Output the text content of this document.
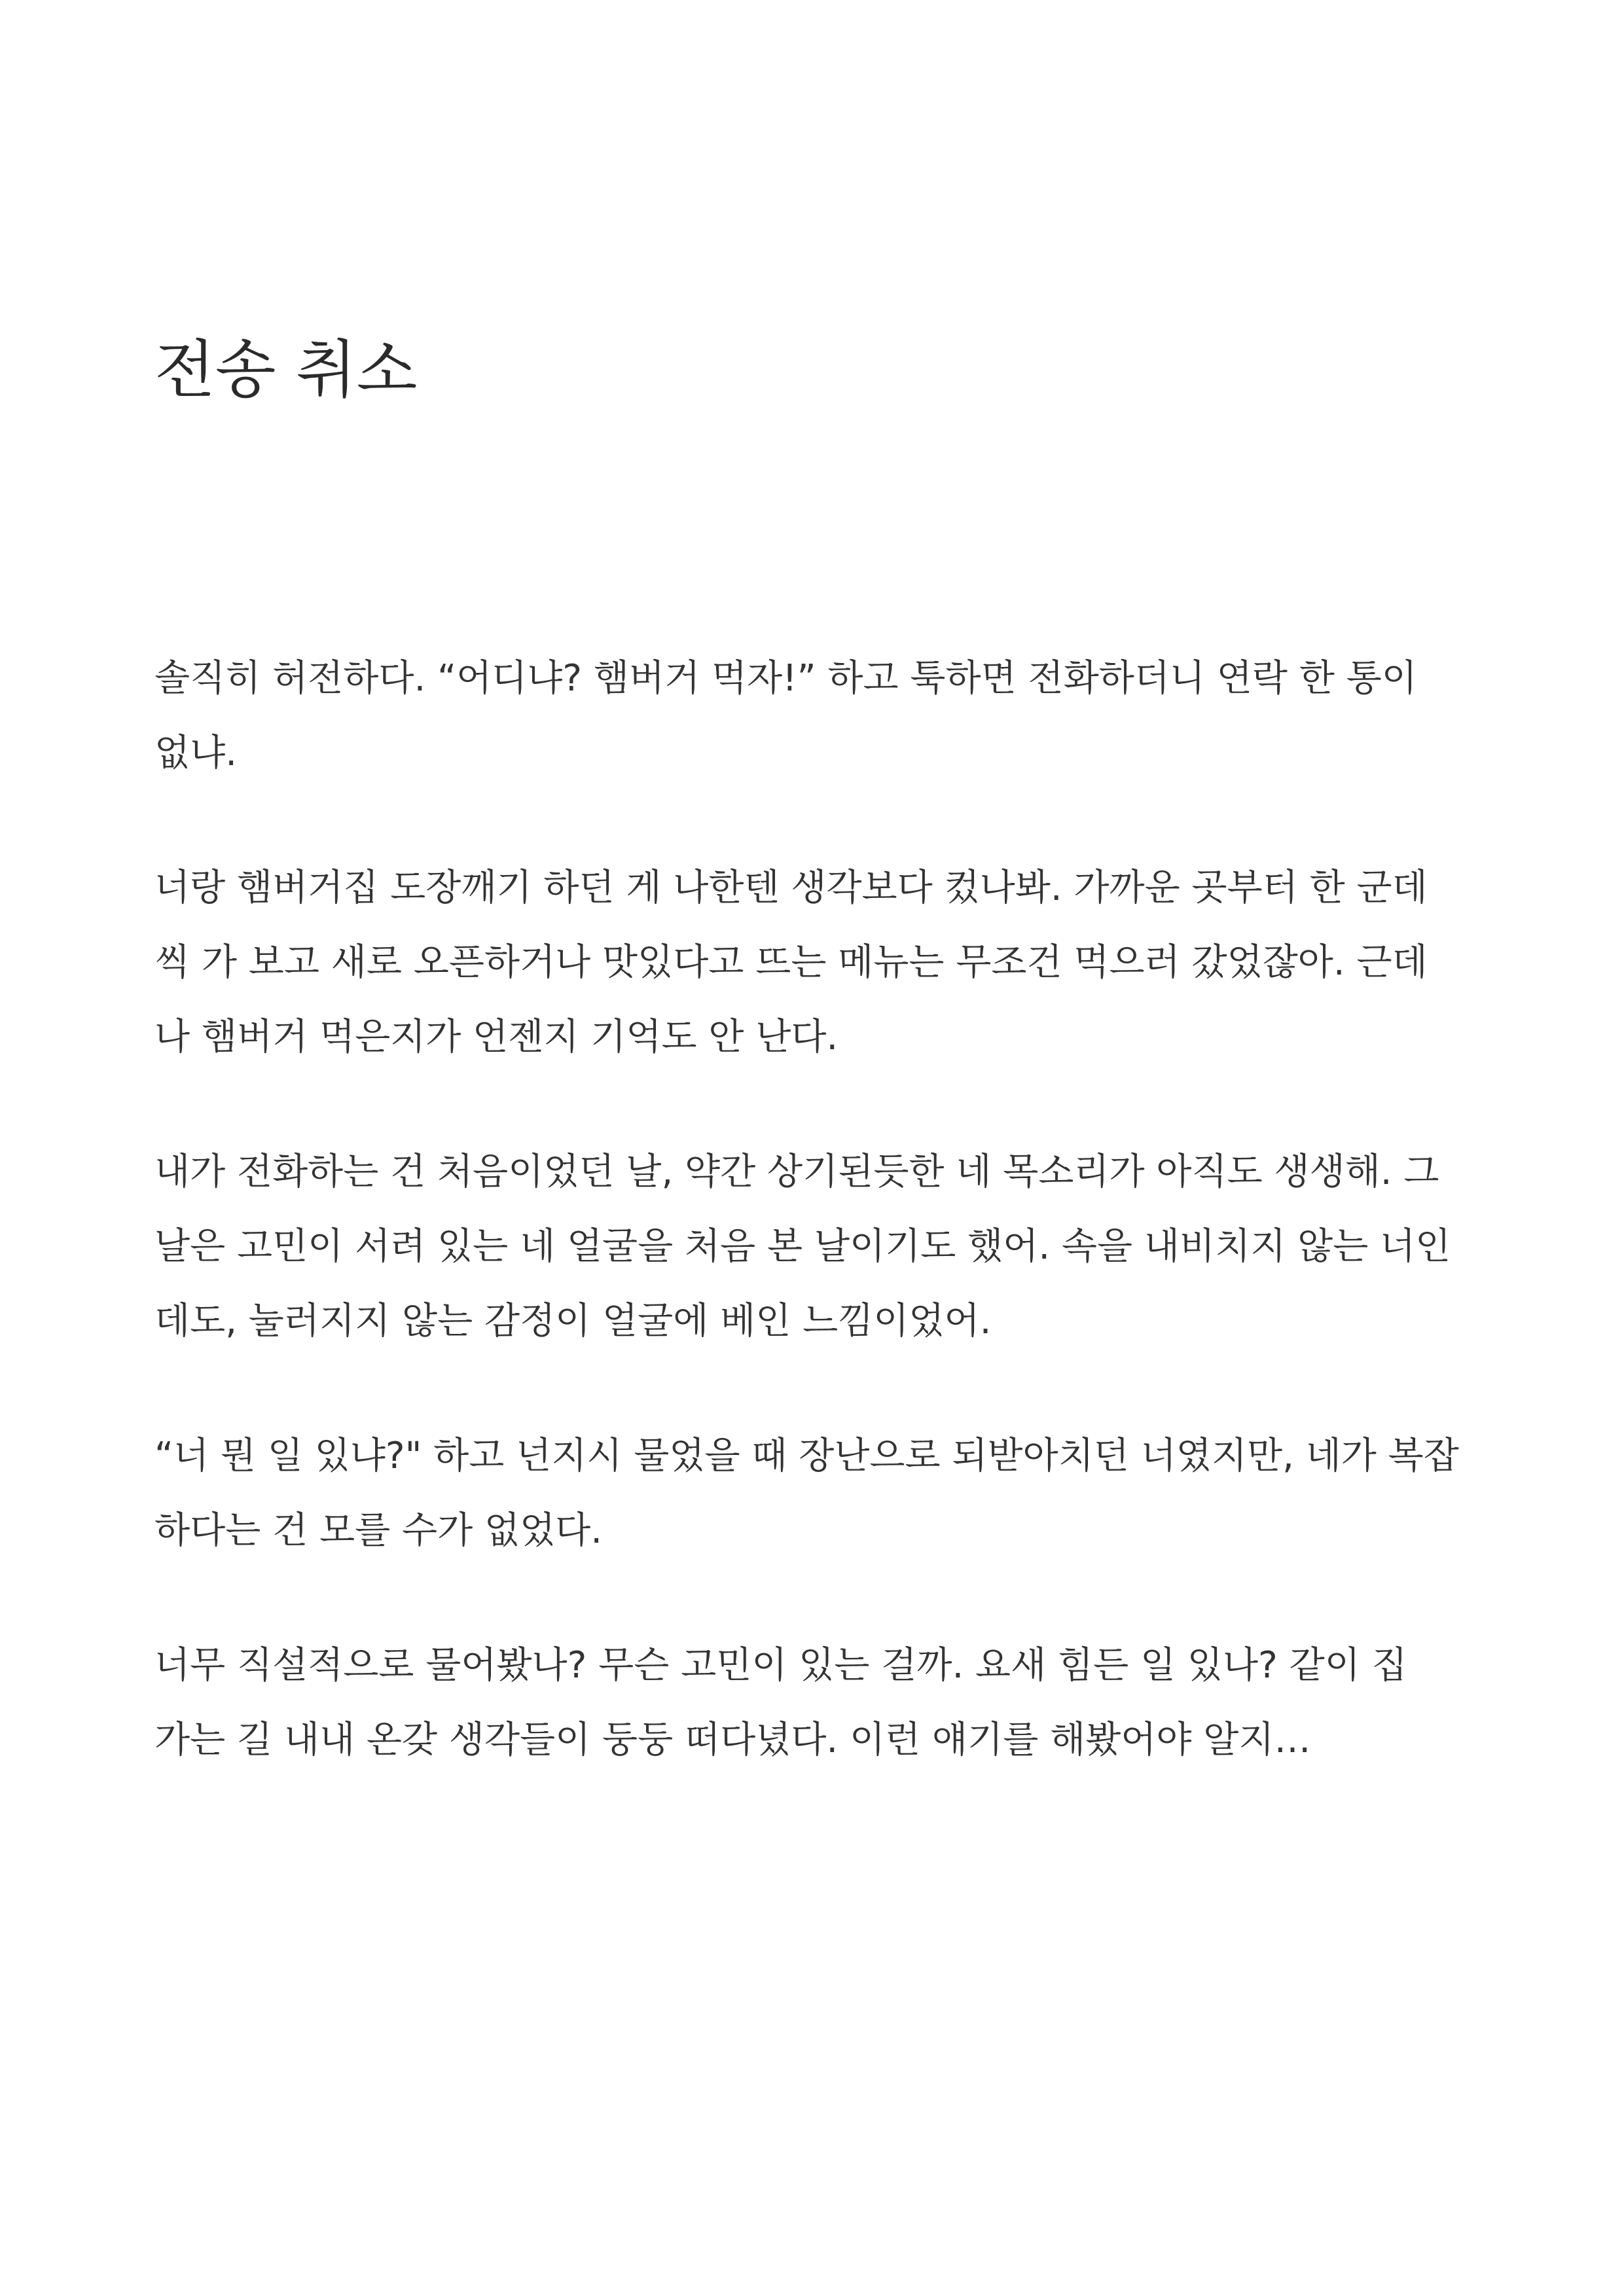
전송 취소

솔직히 허전하다. “어디냐? 햄버거 먹자!” 하고 툭하면 전화하더니 연락 한 통이
없냐.

너랑 햄버거집 도장깨기 하던 게 나한텐 생각보다 컸나봐. 가까운 곳부터 한 군데
씩 가 보고 새로 오픈하거나 맛있다고 뜨는 메뉴는 무조건 먹으러 갔었잖아. 근데
나 햄버거 먹은지가 언젠지 기억도 안 난다.

내가 전화하는 건 처음이었던 날, 약간 상기된듯한 네 목소리가 아직도 생생해. 그
날은 고민이 서려 있는 네 얼굴을 처음 본 날이기도 했어. 속을 내비치지 않는 너인
데도, 눌러지지 않는 감정이 얼굴에 베인 느낌이었어.

“너 뭔 일 있냐?" 하고 넌지시 물었을 때 장난으로 되받아치던 너였지만, 네가 복잡
하다는 건 모를 수가 없었다.

너무 직설적으로 물어봤나? 무슨 고민이 있는 걸까. 요새 힘든 일 있나? 같이 집
가는 길 내내 온갖 생각들이 둥둥 떠다녔다. 이런 얘기를 해봤어야 알지…
